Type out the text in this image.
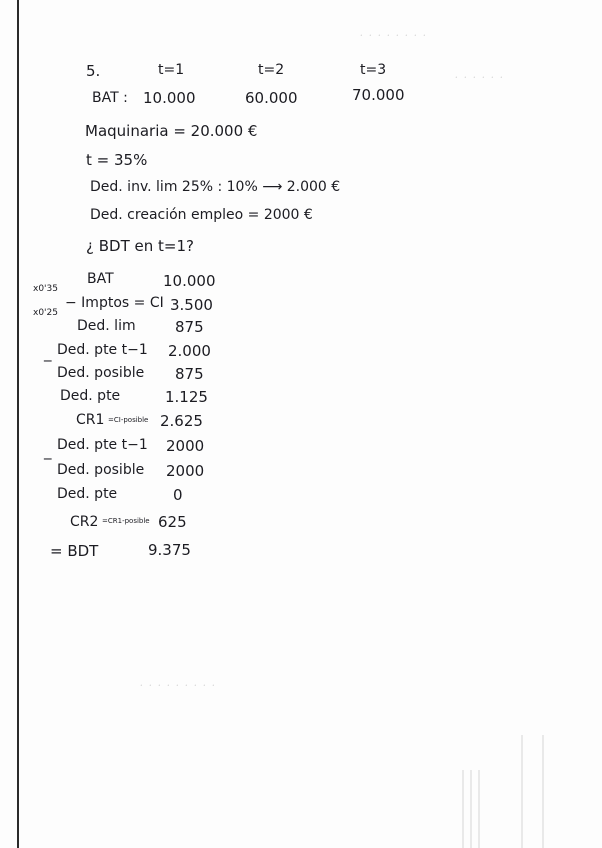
. . . . . . . .
. . . . . .
. . . . . . . . .
5.	t=1	t=2	t=3
BAT : 10.000	60.000	70.000
Maquinaria = 20.000 €
t = 35%
Ded. inv. lim 25% : 10% ⟶ 2.000 €
Ded. creación empleo = 2000 €
¿ BDT en t=1?
x0'35
x0'25
_
_
BAT	10.000
− Imptos = CI 3.500
Ded. lim	875
Ded. pte t−1 2.000
Ded. posible 875
Ded. pte	1.125
CR1 =CI-posible 2.625
Ded. pte t−1 2000
Ded. posible 2000
Ded. pte	0
CR2 =CR1-posible 625
= BDT	9.375
